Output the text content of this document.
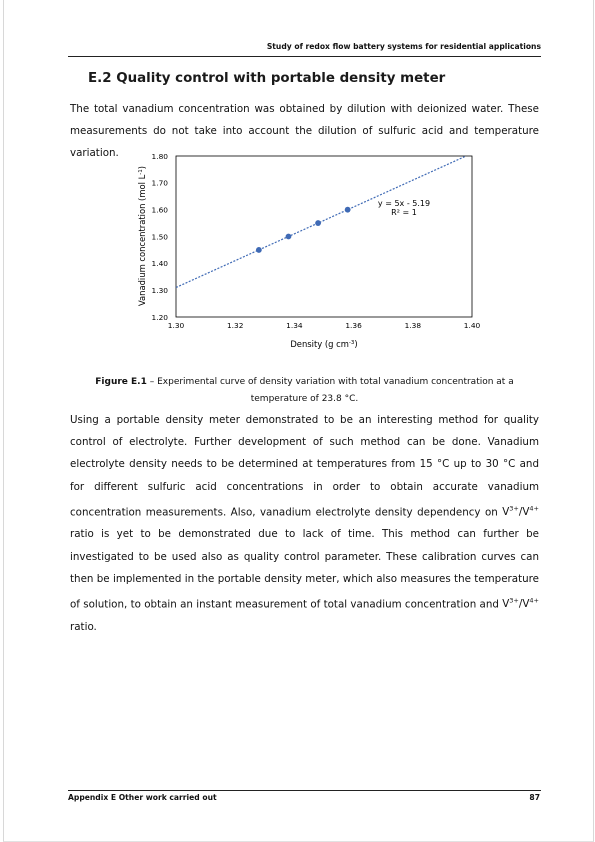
Study of redox flow battery systems for residential applications
E.2 Quality control with portable density meter

The total vanadium concentration was obtained by dilution with deionized water. These measurements do not take into account the dilution of sulfuric acid and temperature variation.

1.20
1.30
1.40
1.50
1.60
1.70
1.80
1.30	1.32	1.34	1.36	1.38	1.40
y = 5x - 5.19
R² = 1
Density (g $cm^{-3}$)
Vanadium concentration (mol $L^{-1}$)
Figure E.1 – Experimental curve of density variation with total vanadium concentration at a temperature of 23.8 °C.

Using a portable density meter demonstrated to be an interesting method for quality control of electrolyte. Further development of such method can be done. Vanadium electrolyte density needs to be determined at temperatures from 15 °C up to 30 °C and for different sulfuric acid concentrations in order to obtain accurate vanadium concentration measurements. Also, vanadium electrolyte density dependency on $V^{3+}/V^{4+}$ ratio is yet to be demonstrated due to lack of time. This method can further be investigated to be used also as quality control parameter. These calibration curves can then be implemented in the portable density meter, which also measures the temperature of solution, to obtain an instant measurement of total vanadium concentration and $V^{3+}/V^{4+}$ ratio.

Appendix E Other work carried out	87
